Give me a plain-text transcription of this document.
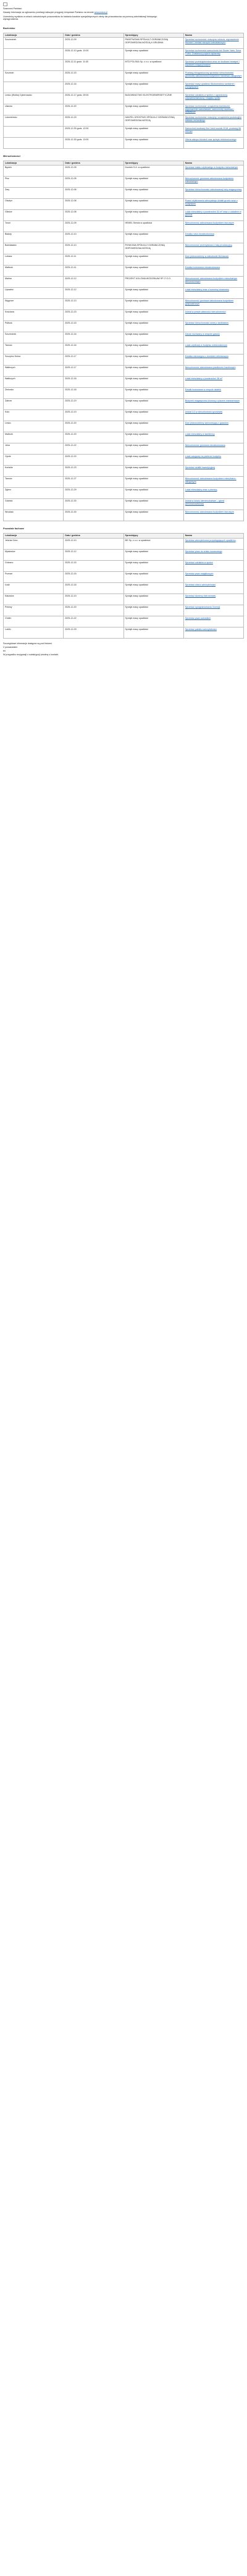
Szanowni Państwo

Zasady informacje za ogłoszeniu przetargi dalszych przygody Urzędowe Państwo na stronie www.praca.pl

Uczestnicy wyników w celach zatrudnionych pracowników do badania kosztów specjalistycznych oferty dla pracodawców za pomocą administracji bieżącego wynagrodzenia.

Bochnisko
Lokalizacja	Data i godzina	Sprzedający	Nazwa
Szczecinek	2025-12-09	PAŃSTWOWA SPÓŁKA Z OGRANICZONĄ ODPOWIEDZIALNOŚCIĄ 6 GRUDNIA	Sprzedaż ruchomości: maszyna rolnicza, wyposażenie biurowe i zestaw narzędzi warsztatowych
	2025-12-10 godz. 10:00	Syndyk masy upadłości	Sprzedaż ruchomości samochodu lub Skuter Yaris: Seria Turbo, Dostawczy pojazd ciężarowy
	2025-12-11 godz. 11:00	MTD POLSKA Sp. z o.o. w upadłości	Sprzedaż przedsiębiorstwa wraz ze środkami trwałymi i zapasami magazynowymi
Szczecin	2025-12-15	Syndyk masy upadłości	Przetarg nieograniczony sprzedaż nieruchomości gruntowej zabudowanej budynkiem handlowo-usługowym
	2025-12-16	Syndyk masy upadłości	Sprzedaż masy upadłości Budownictwo sanitarne i energetyczne
Lesko (Wolka) Cyberowsko	2025-12-17 godz. 09:00	BUDOWNICTWO ELEKTROENERGETYCZNE	Sprzedaż udziałów w spółce z ograniczoną odpowiedzialnością i majątku spółki
Ulanów	2025-12-20	Syndyk masy upadłości	Sprzedaż ruchomości: urządzenia techniczne, wyposażenie warsztatowe, samochody osobowe i dostawcze
Lutomiersko	2025-12-23	HANTEL GROSTWO SPÓŁKA Z OGRANICZONĄ ODPOWIEDZIALNOŚCIĄ	Sprzedaż ruchomości: maszyny i urządzenia produkcyjne zakładu stolarskiego
	2025-12-30 godz. 12:00	Syndyk masy upadłości	Samochód osobowy Kia Ceed rocznik 2018, przebieg 98 000 km
	2025-12-30 godz. 13:00	Syndyk masy upadłości	Oferta zakupu biżuterii oraz sprzętu elektronicznego
Mieruchomości
Lokalizacja	Data i godzina	Sprzedający	Nazwa
Będzin	2025-12-05	Domtek S.A. w upadłości	Sprzedaż lokalu użytkowego w budynku mieszkalnym
Pisz	2025-12-05	Syndyk masy upadłości	Nieruchomość gruntowa zabudowana budynkiem mieszkalnym
Żary	2025-12-06	Syndyk masy upadłości	Sprzedaż nieruchomości zabudowanej halą magazynową
Olsztyn	2025-12-08	Syndyk masy upadłości	Prawo użytkowania wieczystego działki gruntu wraz z budynkiem
Gliwice	2025-12-08	Syndyk masy upadłości	Lokal mieszkalny o powierzchni 54 m² wraz z udziałem w gruncie
Toruń	2025-12-09	HEMEL Serwis w upadłości	Nieruchomość zabudowana budynkiem biurowym
Białuty	2025-12-10	Syndyk masy upadłości	Działka rolna niezabudowana
Bolesławiec	2025-12-10	RYNKOWA SPÓŁKA Z OGRANICZONĄ ODPOWIEDZIALNOŚCIĄ	Nieruchomość przemysłowa z halą produkcyjną
Lubasz	2025-12-11	Syndyk masy upadłości	Dom jednorodzinny w zabudowie bliźniaczej
Malbork	2025-12-11	Syndyk masy upadłości	Działka budowlana niezabudowana
Malma	2025-12-12	PROJEKT KOLONIA WODZISŁAW SP. Z O.O.	Nieruchomość zabudowana budynkiem mieszkalnym wielorodzinnym
Lipowiec	2025-12-12	Syndyk masy upadłości	Lokal mieszkalny wraz z komórką lokatorską
Węgrzce	2025-12-13	Syndyk masy upadłości	Nieruchomość gruntowa zabudowana budynkiem gospodarczym
Kościana	2025-12-15	Syndyk masy upadłości	Udział w prawie własności nieruchomości
Pułtusk	2025-12-15	Syndyk masy upadłości	Sprzedaż nieruchomości rolnej z siedliskiem
Szczecinek	2025-12-16	Syndyk masy upadłości	Garaż murowany w zespole garaży
Tarnów	2025-12-16	Syndyk masy upadłości	Lokal użytkowy w budynku wielorodzinnym
Szczytno Dolna	2025-12-17	Syndyk masy upadłości	Działka rekreacyjna z domkiem letniskowym
Wałbrzych	2025-12-17	Syndyk masy upadłości	Nieruchomość zabudowana pawilonem handlowym
Wałbrzych	2025-12-18	Syndyk masy upadłości	Lokal mieszkalny o powierzchni 38 m²
Zielonka	2025-12-18	Syndyk masy upadłości	Działki budowlane w zespole działek
Zabrze	2025-12-19	Syndyk masy upadłości	Budynek magazynowo-biurowy z placem manewrowym
Koło	2025-12-19	Syndyk masy upadłości	Udział 1/2 w nieruchomości gruntowej
Lesko	2025-12-20	Syndyk masy upadłości	Dom jednorodzinny wolnostojący z garażem
Malbork	2025-12-20	Syndyk masy upadłości	Lokal mieszkalny w kamienicy
Jelcz	2025-12-22	Syndyk masy upadłości	Nieruchomość gruntowa niezabudowana
Opole	2025-12-22	Syndyk masy upadłości	Lokal usługowy na parterze budynku
Końskie	2025-12-23	Syndyk masy upadłości	Sprzedaż działki inwestycyjnej
Tarnów	2025-12-27	Syndyk masy upadłości	Nieruchomość zabudowana budynkiem mieszkalno-usługowym
Zgierz	2025-12-29	Syndyk masy upadłości	Lokal mieszkalny wraz z piwnicą
Gdańsk	2025-12-30	Syndyk masy upadłości	Udział w lokalu niemieszkalnym – garaż wielostanowiskowy
Wrocław	2025-12-30	Syndyk masy upadłości	Nieruchomość zabudowana budynkiem biurowym
Pozostałe fachowe
Lokalizacja	Data i godzina	Sprzedający	Nazwa
Jelenia Góra	2025-12-10	BD Sp. z o.o. w upadłości	Sprzedaż wierzytelności przysługujących upadłemu
Mysłowice	2025-12-12	Syndyk masy upadłości	Sprzedaż praw do znaku towarowego
Gniezno	2025-12-15	Syndyk masy upadłości	Sprzedaż udziałów w spółce
Poznań	2025-12-16	Syndyk masy upadłości	Sprzedaż praw majątkowych
Łódź	2025-12-18	Syndyk masy upadłości	Sprzedaż zbioru wierzytelności
Katowice	2025-12-19	Syndyk masy upadłości	Sprzedaż domeny internetowej
Pniewy	2025-12-20	Syndyk masy upadłości	Sprzedaż oprogramowania i licencji
Chełm	2025-12-22	Syndyk masy upadłości	Sprzedaż praw autorskich
Lublin	2025-12-29	Syndyk masy upadłości	Sprzedaż pakietu wierzytelności

Szczegółowe informacje dostępne są pod linkami.

Z poważaniem

tel.

W przypadku rezygnacji z subskrypcji prosimy o kontakt.
